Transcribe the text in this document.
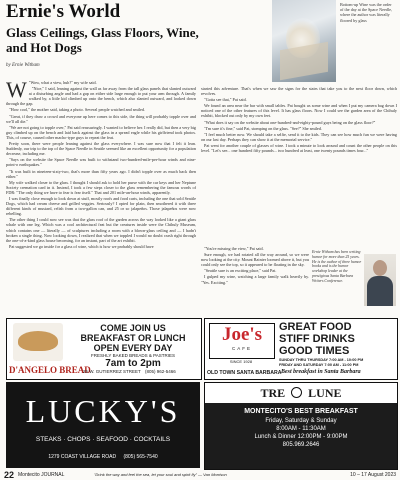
Ernie's World
Glass Ceilings, Glass Floors, Wine,
and Hot Dogs
by Ernie Witham
Bottom-up Wine was the order of the day at the Space Needle, where the author was literally floored by glass
W "Wow, what a view, huh?" my wife said.

"Nice," I said, leaning against the wall as far away from the tall glass panels that slanted outward at a disturbing angle and had a gap on either side large enough to put your arm through. A family walked by, a little kid climbed up onto the bench, which also slanted outward, and looked down through the gap.

"How cool," the mother said, taking a photo. Several people watched and smiled.

"Great, if they draw a crowd and everyone up here comes to this side, the thing will probably topple over and we'll all die."

"We are not going to topple over," Pat said reassuringly. I wanted to believe her. I really did, but then a very big guy climbed up on the bench and laid back against the glass in a spread eagle while his girlfriend took photos. This, of course, caused other macho-type guys to repeat the feat.

Pretty soon, there were people leaning against the glass everywhere. I was sure now that I felt it lean. Suddenly, our trip to the top of the Space Needle in Seattle seemed like an excellent opportunity for a population decrease, including me.

"Says on the website the Space Needle was built to withstand two-hundred-mile-per-hour winds and nine-point-o earthquakes."

"It was built in nineteen-sixty-two, that's more than fifty years ago. I didn't topple over as much back then either."

My wife walked closer to the glass. I thought I should ask to hold her purse with the car keys and her Neptune Society cremation card in it. Instead, I took a few steps closer to the glass remembering the famous words of FDR: "The only thing we have to fear is fear itself." That and 201 mile-an-hour winds, apparently.

I was finally close enough to look down at stuff, mostly roofs and food carts, including the one that sold Seattle Dogs, which had cream cheese and grilled veggies. Seriously? I opted for plain, then smothered it with three different kinds of mustard, relish from a two-gallon can, and 25 or so jalapeños. Those jalapeños were now rebelling.

The other thing I could now see was that the glass roof of the garden across the way looked like a giant glass whale with one leg. Which was a cool architectural feat but the creatures inside were the Chihuly Museum, which contains one — literally — of sculptures including a room with a blown-glass ceiling and — I hadn't broken a single thing. Now looking down, I realized that when we toppled I would no doubt crash right through the one-of-a-kind glass house becoming, for an instant, part of the art exhibit.

Pat suggested we go inside for a glass of wine, which is how we probably should have

started this adventure. That's when we saw the signs for the stairs that take you to the next floor down, which revolves.

"Gotta see that," Pat said.

We found an area near the bar with small tables. Pat bought us some wine and when I put my camera bag down I noticed one of the other features of this level. It has glass floors. Now I could see the garden area of the Chihuly exhibit, blocked out only by my own feet.

"What does it say on the website about one-hundred-and-eighty-pound guys being on the glass floor?"

"I'm sure it's fine," said Pat, stomping on the glass. "See?" She smiled.

"I feel much better now. We should take a selfie, send it to the kids. They can see how much fun we were having on our last day. Perhaps they can show it at the memorial service."

Pat went for another couple of glasses of wine. I took a minute to look around and count the other people on this level. "Let's see... one hundred fifty pounds... two hundred at least, one twenty pounds times four..."

"You're missing the view," Pat said.

Sure enough, we had rotated all the way around, so we were now looking at the city. Mount Rainier loomed above it, but you could only see the top, so it appeared to be floating in the sky.

"Seattle sure is an exciting place," said Pat.

I gulped my wine, watching a large family walk heavily by. "Yes. Exciting."

Ernie Witham has been writing humor for more than 25 years. He is the author of three humor books and is the humor workshop leader at the prestigious Santa Barbara Writers Conference.
COME JOIN US
BREAKFAST OR LUNCH
OPEN EVERY DAY
FRESHLY BAKED BREADS & PASTRIES
7am to 2pm
D'ANGELO BREAD
25 W. GUTIERREZ STREET (805) 962-5466
Joe's
CAFE
SINCE 1928
GREAT FOOD
STIFF DRINKS
GOOD TIMES
SUNDAY THRU THURSDAY 7:00 AM - 10:00 PM
FRIDAY AND SATURDAY 7:00 AM - 11:00 PM
OLD TOWN SANTA BARBARA Best breakfast in Santa Barbara
LUCKY'S
STEAKS · CHOPS · SEAFOOD · COCKTAILS
1279 COAST VILLAGE ROAD (805) 565-7540
TRE LUNE
MONTECITO'S BEST BREAKFAST
Friday, Saturday & Sunday
8:00AM - 11:30AM
Lunch & Dinner 12:00PM - 9:00PM
805.969.2646
22 Montecito JOURNAL	"Drink the way and feel the sea, let your soul and spirit fly" — Van Morrison	10 – 17 August 2023
